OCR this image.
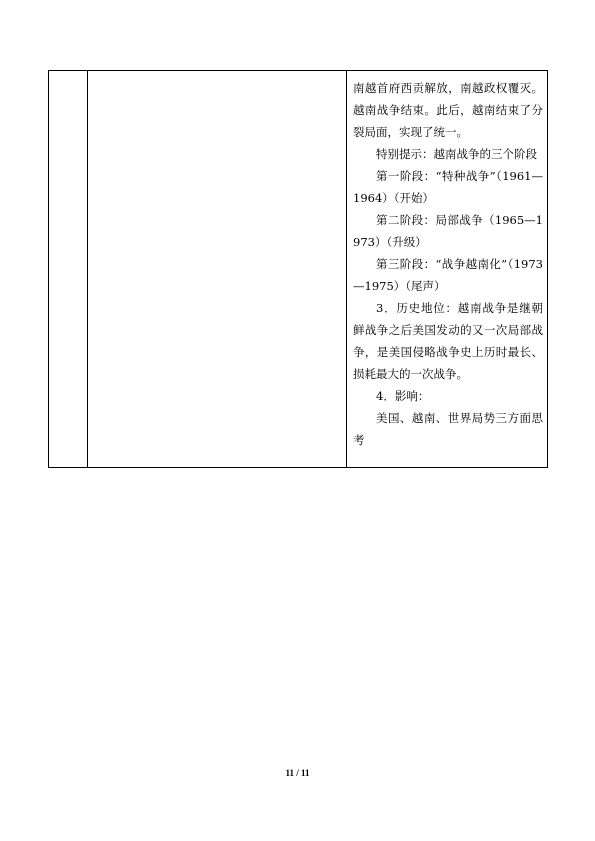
南越首府西贡解放，南越政权覆灭。越南战争结束。此后，越南结束了分裂局面，实现了统一。

特别提示：越南战争的三个阶段

第一阶段：“特种战争”（1961—1964）（开始）

第二阶段：局部战争（1965—1973）（升级）

第三阶段：“战争越南化”（1973—1975）（尾声）

3．历史地位：越南战争是继朝鲜战争之后美国发动的又一次局部战争，是美国侵略战争史上历时最长、损耗最大的一次战争。

4．影响：

美国、越南、世界局势三方面思考

11 / 11
